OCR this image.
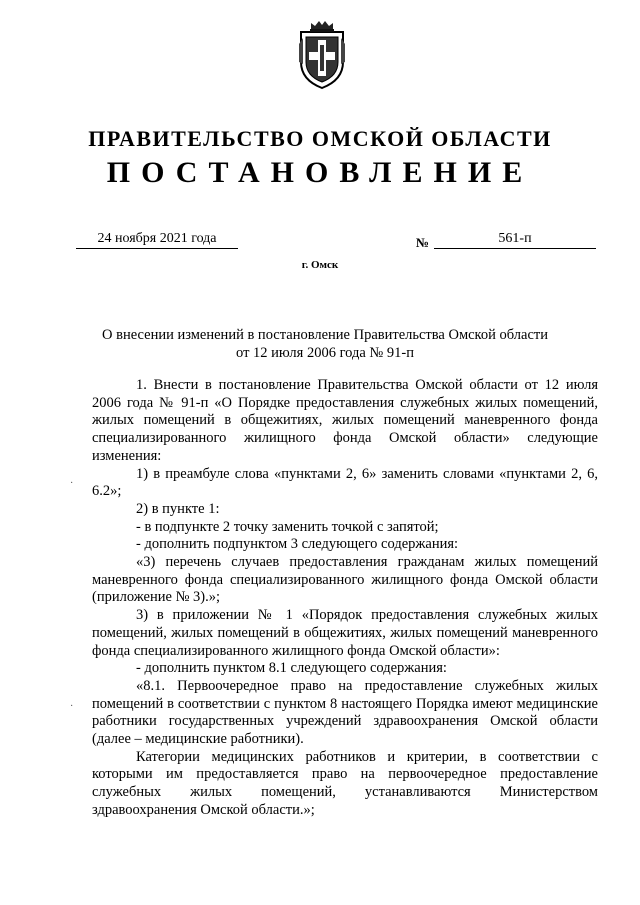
ПРАВИТЕЛЬСТВО ОМСКОЙ ОБЛАСТИ
ПОСТАНОВЛЕНИЕ
24 ноября 2021 года	№	561-п
г. Омск
О внесении изменений в постановление Правительства Омской области
от 12 июля 2006 года № 91-п

1. Внести в постановление Правительства Омской области от 12 июля 2006 года № 91-п «О Порядке предоставления служебных жилых помещений, жилых помещений в общежитиях, жилых помещений маневренного фонда специализированного жилищного фонда Омской области» следующие изменения:

1) в преамбуле слова «пунктами 2, 6» заменить словами «пунктами 2, 6, 6.2»;

2) в пункте 1:

- в подпункте 2 точку заменить точкой с запятой;

- дополнить подпунктом 3 следующего содержания:

«3) перечень случаев предоставления гражданам жилых помещений маневренного фонда специализированного жилищного фонда Омской области (приложение № 3).»;

3) в приложении № 1 «Порядок предоставления служебных жилых помещений, жилых помещений в общежитиях, жилых помещений маневренного фонда специализированного жилищного фонда Омской области»:

- дополнить пунктом 8.1 следующего содержания:

«8.1. Первоочередное право на предоставление служебных жилых помещений в соответствии с пунктом 8 настоящего Порядка имеют медицинские работники государственных учреждений здравоохранения Омской области (далее – медицинские работники).

Категории медицинских работников и критерии, в соответствии с которыми им предоставляется право на первоочередное предоставление служебных жилых помещений, устанавливаются Министерством здравоохранения Омской области.»;

·
·
